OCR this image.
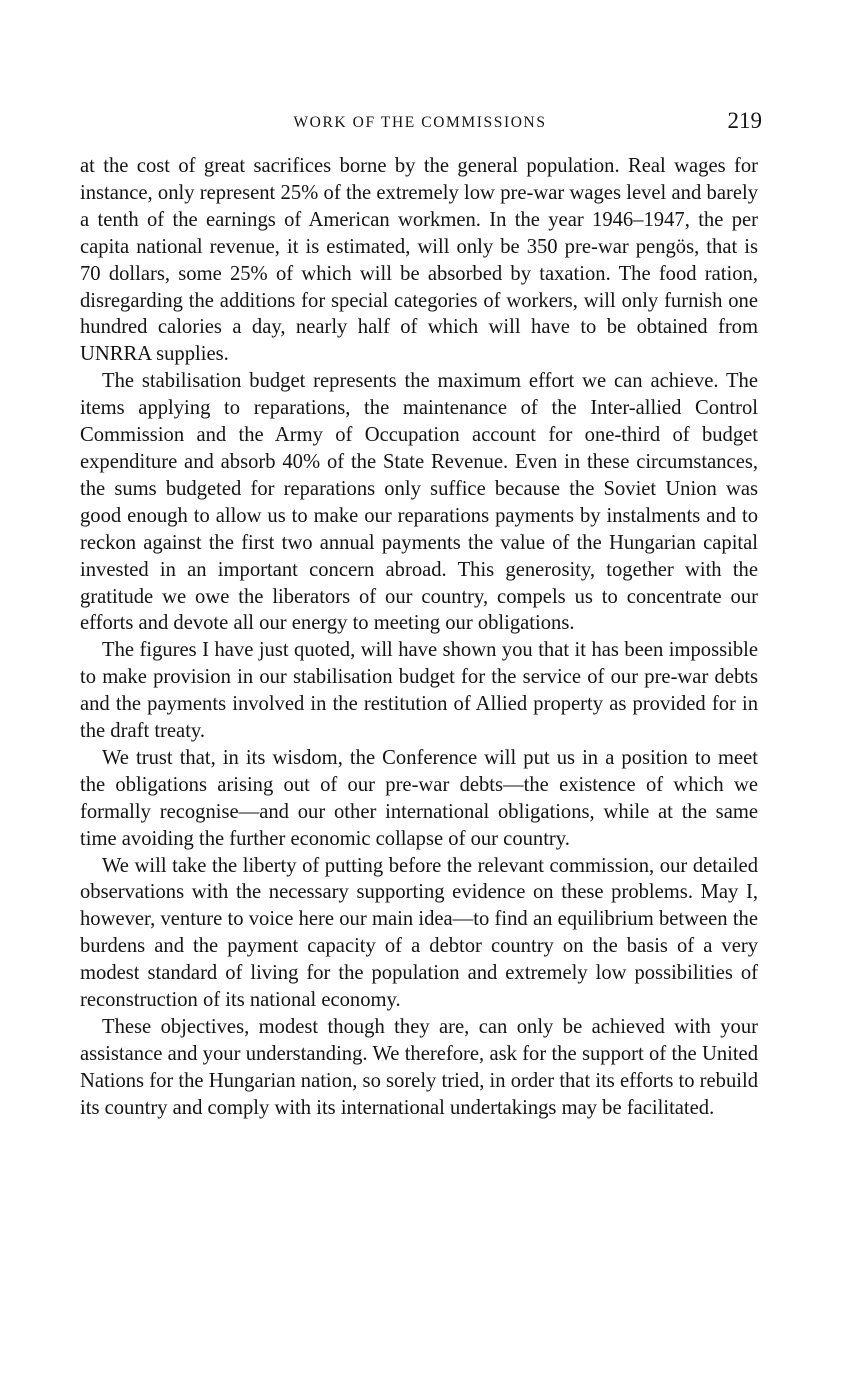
WORK OF THE COMMISSIONS	219

at the cost of great sacrifices borne by the general population. Real wages for instance, only represent 25% of the extremely low pre-war wages level and barely a tenth of the earnings of American workmen. In the year 1946–1947, the per capita national revenue, it is estimated, will only be 350 pre-war pengös, that is 70 dollars, some 25% of which will be absorbed by taxation. The food ration, disregarding the additions for special categories of workers, will only furnish one hundred calories a day, nearly half of which will have to be obtained from UNRRA supplies.

The stabilisation budget represents the maximum effort we can achieve. The items applying to reparations, the maintenance of the Inter-allied Control Commission and the Army of Occupation account for one-third of budget expenditure and absorb 40% of the State Revenue. Even in these circumstances, the sums budgeted for reparations only suffice because the Soviet Union was good enough to allow us to make our reparations payments by instalments and to reckon against the first two annual payments the value of the Hungarian capital invested in an important concern abroad. This generosity, together with the gratitude we owe the liberators of our country, compels us to concentrate our efforts and devote all our energy to meeting our obligations.

The figures I have just quoted, will have shown you that it has been impossible to make provision in our stabilisation budget for the service of our pre-war debts and the payments involved in the restitution of Allied property as provided for in the draft treaty.

We trust that, in its wisdom, the Conference will put us in a position to meet the obligations arising out of our pre-war debts—the existence of which we formally recognise—and our other international obligations, while at the same time avoiding the further economic collapse of our country.

We will take the liberty of putting before the relevant commission, our detailed observations with the necessary supporting evidence on these problems. May I, however, venture to voice here our main idea—to find an equilibrium between the burdens and the payment capacity of a debtor country on the basis of a very modest standard of living for the population and extremely low possibilities of reconstruction of its national economy.

These objectives, modest though they are, can only be achieved with your assistance and your understanding. We therefore, ask for the support of the United Nations for the Hungarian nation, so sorely tried, in order that its efforts to rebuild its country and comply with its international undertakings may be facilitated.
